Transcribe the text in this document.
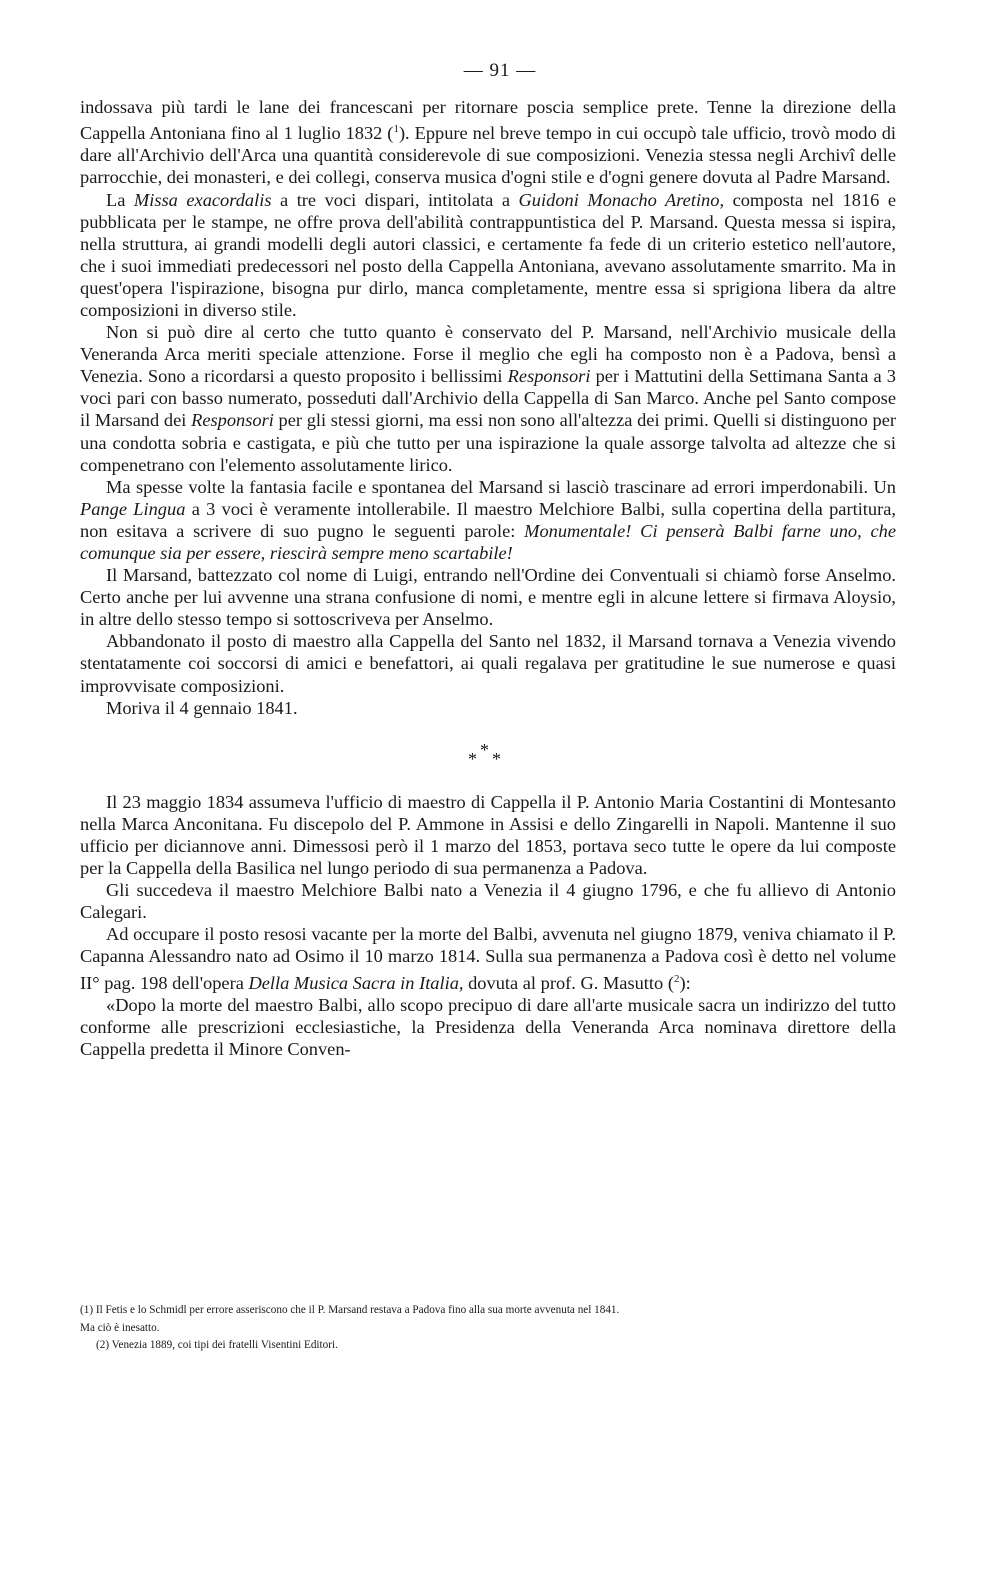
— 91 —

indossava più tardi le lane dei francescani per ritornare poscia semplice prete. Tenne la direzione della Cappella Antoniana fino al 1 luglio 1832 ($^1$). Eppure nel breve tempo in cui occupò tale ufficio, trovò modo di dare all'Archivio dell'Arca una quantità considerevole di sue composizioni. Venezia stessa negli Archivî delle parrocchie, dei monasteri, e dei collegi, conserva musica d'ogni stile e d'ogni genere dovuta al Padre Marsand.

La Missa exacordalis a tre voci dispari, intitolata a Guidoni Monacho Aretino, composta nel 1816 e pubblicata per le stampe, ne offre prova dell'abilità contrappuntistica del P. Marsand. Questa messa si ispira, nella struttura, ai grandi modelli degli autori classici, e certamente fa fede di un criterio estetico nell'autore, che i suoi immediati predecessori nel posto della Cappella Antoniana, avevano assolutamente smarrito. Ma in quest'opera l'ispirazione, bisogna pur dirlo, manca completamente, mentre essa si sprigiona libera da altre composizioni in diverso stile.

Non si può dire al certo che tutto quanto è conservato del P. Marsand, nell'Archivio musicale della Veneranda Arca meriti speciale attenzione. Forse il meglio che egli ha composto non è a Padova, bensì a Venezia. Sono a ricordarsi a questo proposito i bellissimi Responsori per i Mattutini della Settimana Santa a 3 voci pari con basso numerato, posseduti dall'Archivio della Cappella di San Marco. Anche pel Santo compose il Marsand dei Responsori per gli stessi giorni, ma essi non sono all'altezza dei primi. Quelli si distinguono per una condotta sobria e castigata, e più che tutto per una ispirazione la quale assorge talvolta ad altezze che si compenetrano con l'elemento assolutamente lirico.

Ma spesse volte la fantasia facile e spontanea del Marsand si lasciò trascinare ad errori imperdonabili. Un Pange Lingua a 3 voci è veramente intollerabile. Il maestro Melchiore Balbi, sulla copertina della partitura, non esitava a scrivere di suo pugno le seguenti parole: Monumentale! Ci penserà Balbi farne uno, che comunque sia per essere, riescirà sempre meno scartabile!

Il Marsand, battezzato col nome di Luigi, entrando nell'Ordine dei Conventuali si chiamò forse Anselmo. Certo anche per lui avvenne una strana confusione di nomi, e mentre egli in alcune lettere si firmava Aloysio, in altre dello stesso tempo si sottoscriveva per Anselmo.

Abbandonato il posto di maestro alla Cappella del Santo nel 1832, il Marsand tornava a Venezia vivendo stentatamente coi soccorsi di amici e benefattori, ai quali regalava per gratitudine le sue numerose e quasi improvvisate composizioni.

Moriva il 4 gennaio 1841.

*
* *

Il 23 maggio 1834 assumeva l'ufficio di maestro di Cappella il P. Antonio Maria Costantini di Montesanto nella Marca Anconitana. Fu discepolo del P. Ammone in Assisi e dello Zingarelli in Napoli. Mantenne il suo ufficio per diciannove anni. Dimessosi però il 1 marzo del 1853, portava seco tutte le opere da lui composte per la Cappella della Basilica nel lungo periodo di sua permanenza a Padova.

Gli succedeva il maestro Melchiore Balbi nato a Venezia il 4 giugno 1796, e che fu allievo di Antonio Calegari.

Ad occupare il posto resosi vacante per la morte del Balbi, avvenuta nel giugno 1879, veniva chiamato il P. Capanna Alessandro nato ad Osimo il 10 marzo 1814. Sulla sua permanenza a Padova così è detto nel volume II° pag. 198 dell'opera Della Musica Sacra in Italia, dovuta al prof. G. Masutto ($^2$):

«Dopo la morte del maestro Balbi, allo scopo precipuo di dare all'arte musicale sacra un indirizzo del tutto conforme alle prescrizioni ecclesiastiche, la Presidenza della Veneranda Arca nominava direttore della Cappella predetta il Minore Conven-

(1) Il Fetis e lo Schmidl per errore asseriscono che il P. Marsand restava a Padova fino alla sua morte avvenuta nel 1841.

Ma ciò è inesatto.

(2) Venezia 1889, coi tipi dei fratelli Visentini Editori.
